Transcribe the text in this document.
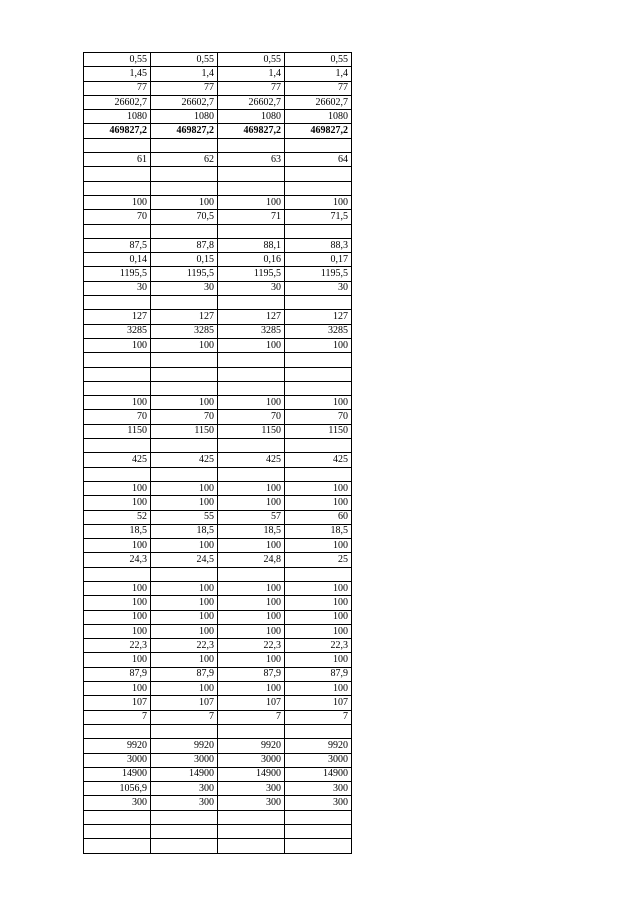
0,55	0,55	0,55	0,55
1,45	1,4	1,4	1,4
77	77	77	77
26602,7	26602,7	26602,7	26602,7
1080	1080	1080	1080
469827,2	469827,2	469827,2	469827,2

61	62	63	64

100	100	100	100
70	70,5	71	71,5

87,5	87,8	88,1	88,3
0,14	0,15	0,16	0,17
1195,5	1195,5	1195,5	1195,5
30	30	30	30

127	127	127	127
3285	3285	3285	3285
100	100	100	100

100	100	100	100
70	70	70	70
1150	1150	1150	1150

425	425	425	425

100	100	100	100
100	100	100	100
52	55	57	60
18,5	18,5	18,5	18,5
100	100	100	100
24,3	24,5	24,8	25

100	100	100	100
100	100	100	100
100	100	100	100
100	100	100	100
22,3	22,3	22,3	22,3
100	100	100	100
87,9	87,9	87,9	87,9
100	100	100	100
107	107	107	107
7	7	7	7

9920	9920	9920	9920
3000	3000	3000	3000
14900	14900	14900	14900
1056,9	300	300	300
300	300	300	300
